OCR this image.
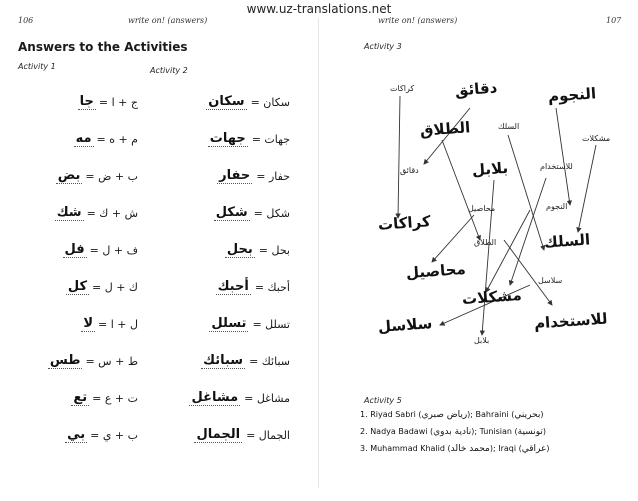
www.uz-translations.net
106	write on! (answers)
Answers to the Activities
Activity 1	Activity 2
جا ج + ا =
مه م + ه =
بض ب + ض =
شك ش + ك =
فل ف + ل =
كل ك + ل =
لا ل + ا =
طس ط + س =
تع ت + ع =
بي ب + ي =
سكان سكان =
جهات جهات =
حفار حفار =
شكل شكل =
بحل بحل =
أحبك أحبك =
تسلل تسلل =
سبائك سبائك =
مشاغل مشاغل =
الجمال الجمال =
write on! (answers)	107
Activity 3
كراكات	دقائق	النجوم
الطلاق	السلك
مشكلات
دقائق	بلابل	للاستخدام
محاصيل	النجوم
كراكات
الطلاق	السلك
محاصيل	سلاسل
مشكلات
سلاسل	للاستخدام
بلابل
Activity 5
1. Riyad Sabri (رياض صبري); Bahraini (بحريني)
2. Nadya Badawi (نادية بدوي); Tunisian (تونسية)
3. Muhammad Khalid (محمد خالد); Iraqi (عراقي)
